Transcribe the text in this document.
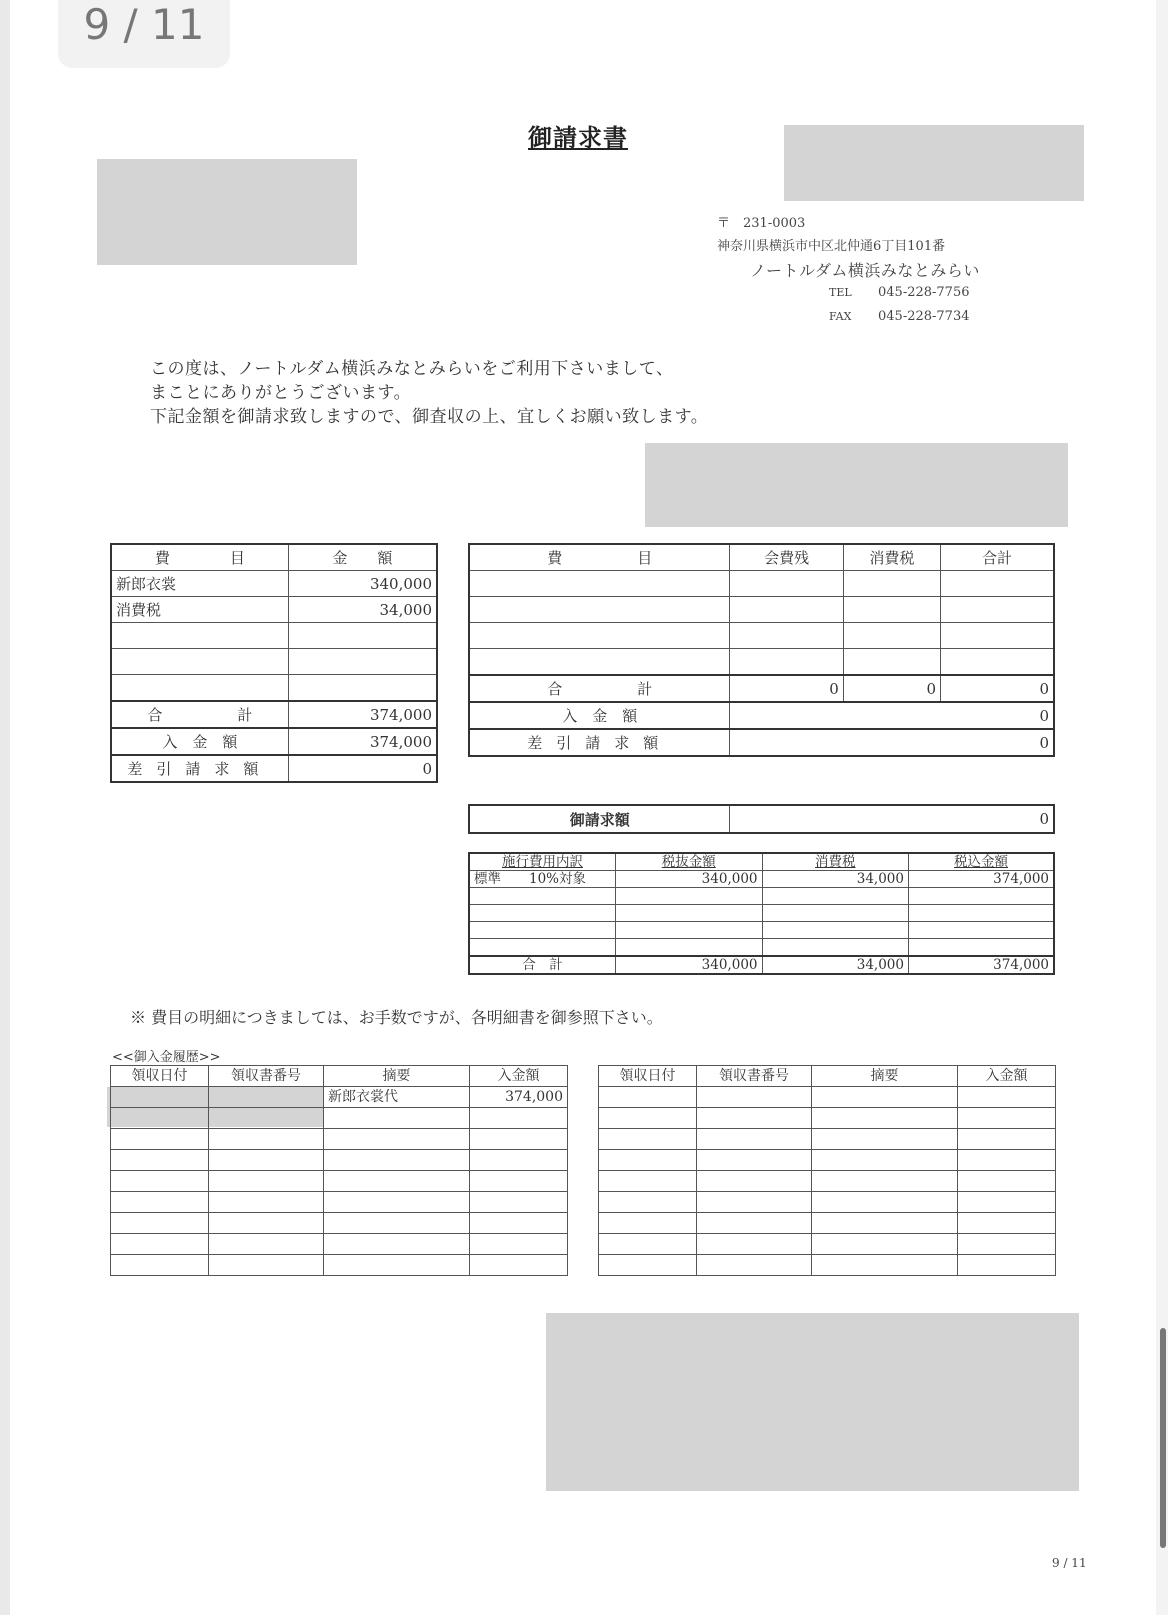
9 / 11
御請求書
〒　231-0003
神奈川県横浜市中区北仲通6丁目101番
ノートルダム横浜みなとみらい
TEL 045-228-7756
FAX 045-228-7734
この度は、ノートルダム横浜みなとみらいをご利用下さいまして、
まことにありがとうございます。
下記金額を御請求致しますので、御査収の上、宜しくお願い致します。
費　　　　目	金　　額
新郎衣裳	340,000
消費税	34,000

合　　　　　計	374,000
入　金　額	374,000
差引請求額	0
費　　　　　目	会費残	消費税	合計

合　　　　　計	0	0	0
入　金　額	0		
差引請求額	0		
御請求額	0
施行費用内訳	税抜金額	消費税	税込金額
標準 10%対象	340,000	34,000	374,000

合　計	340,000	34,000	374,000
※ 費目の明細につきましては、お手数ですが、各明細書を御参照下さい。
<<御入金履歴>>
領収日付	領収書番号	摘要	入金額
		新郎衣裳代	374,000

領収日付	領収書番号	摘要	入金額

9 / 11
